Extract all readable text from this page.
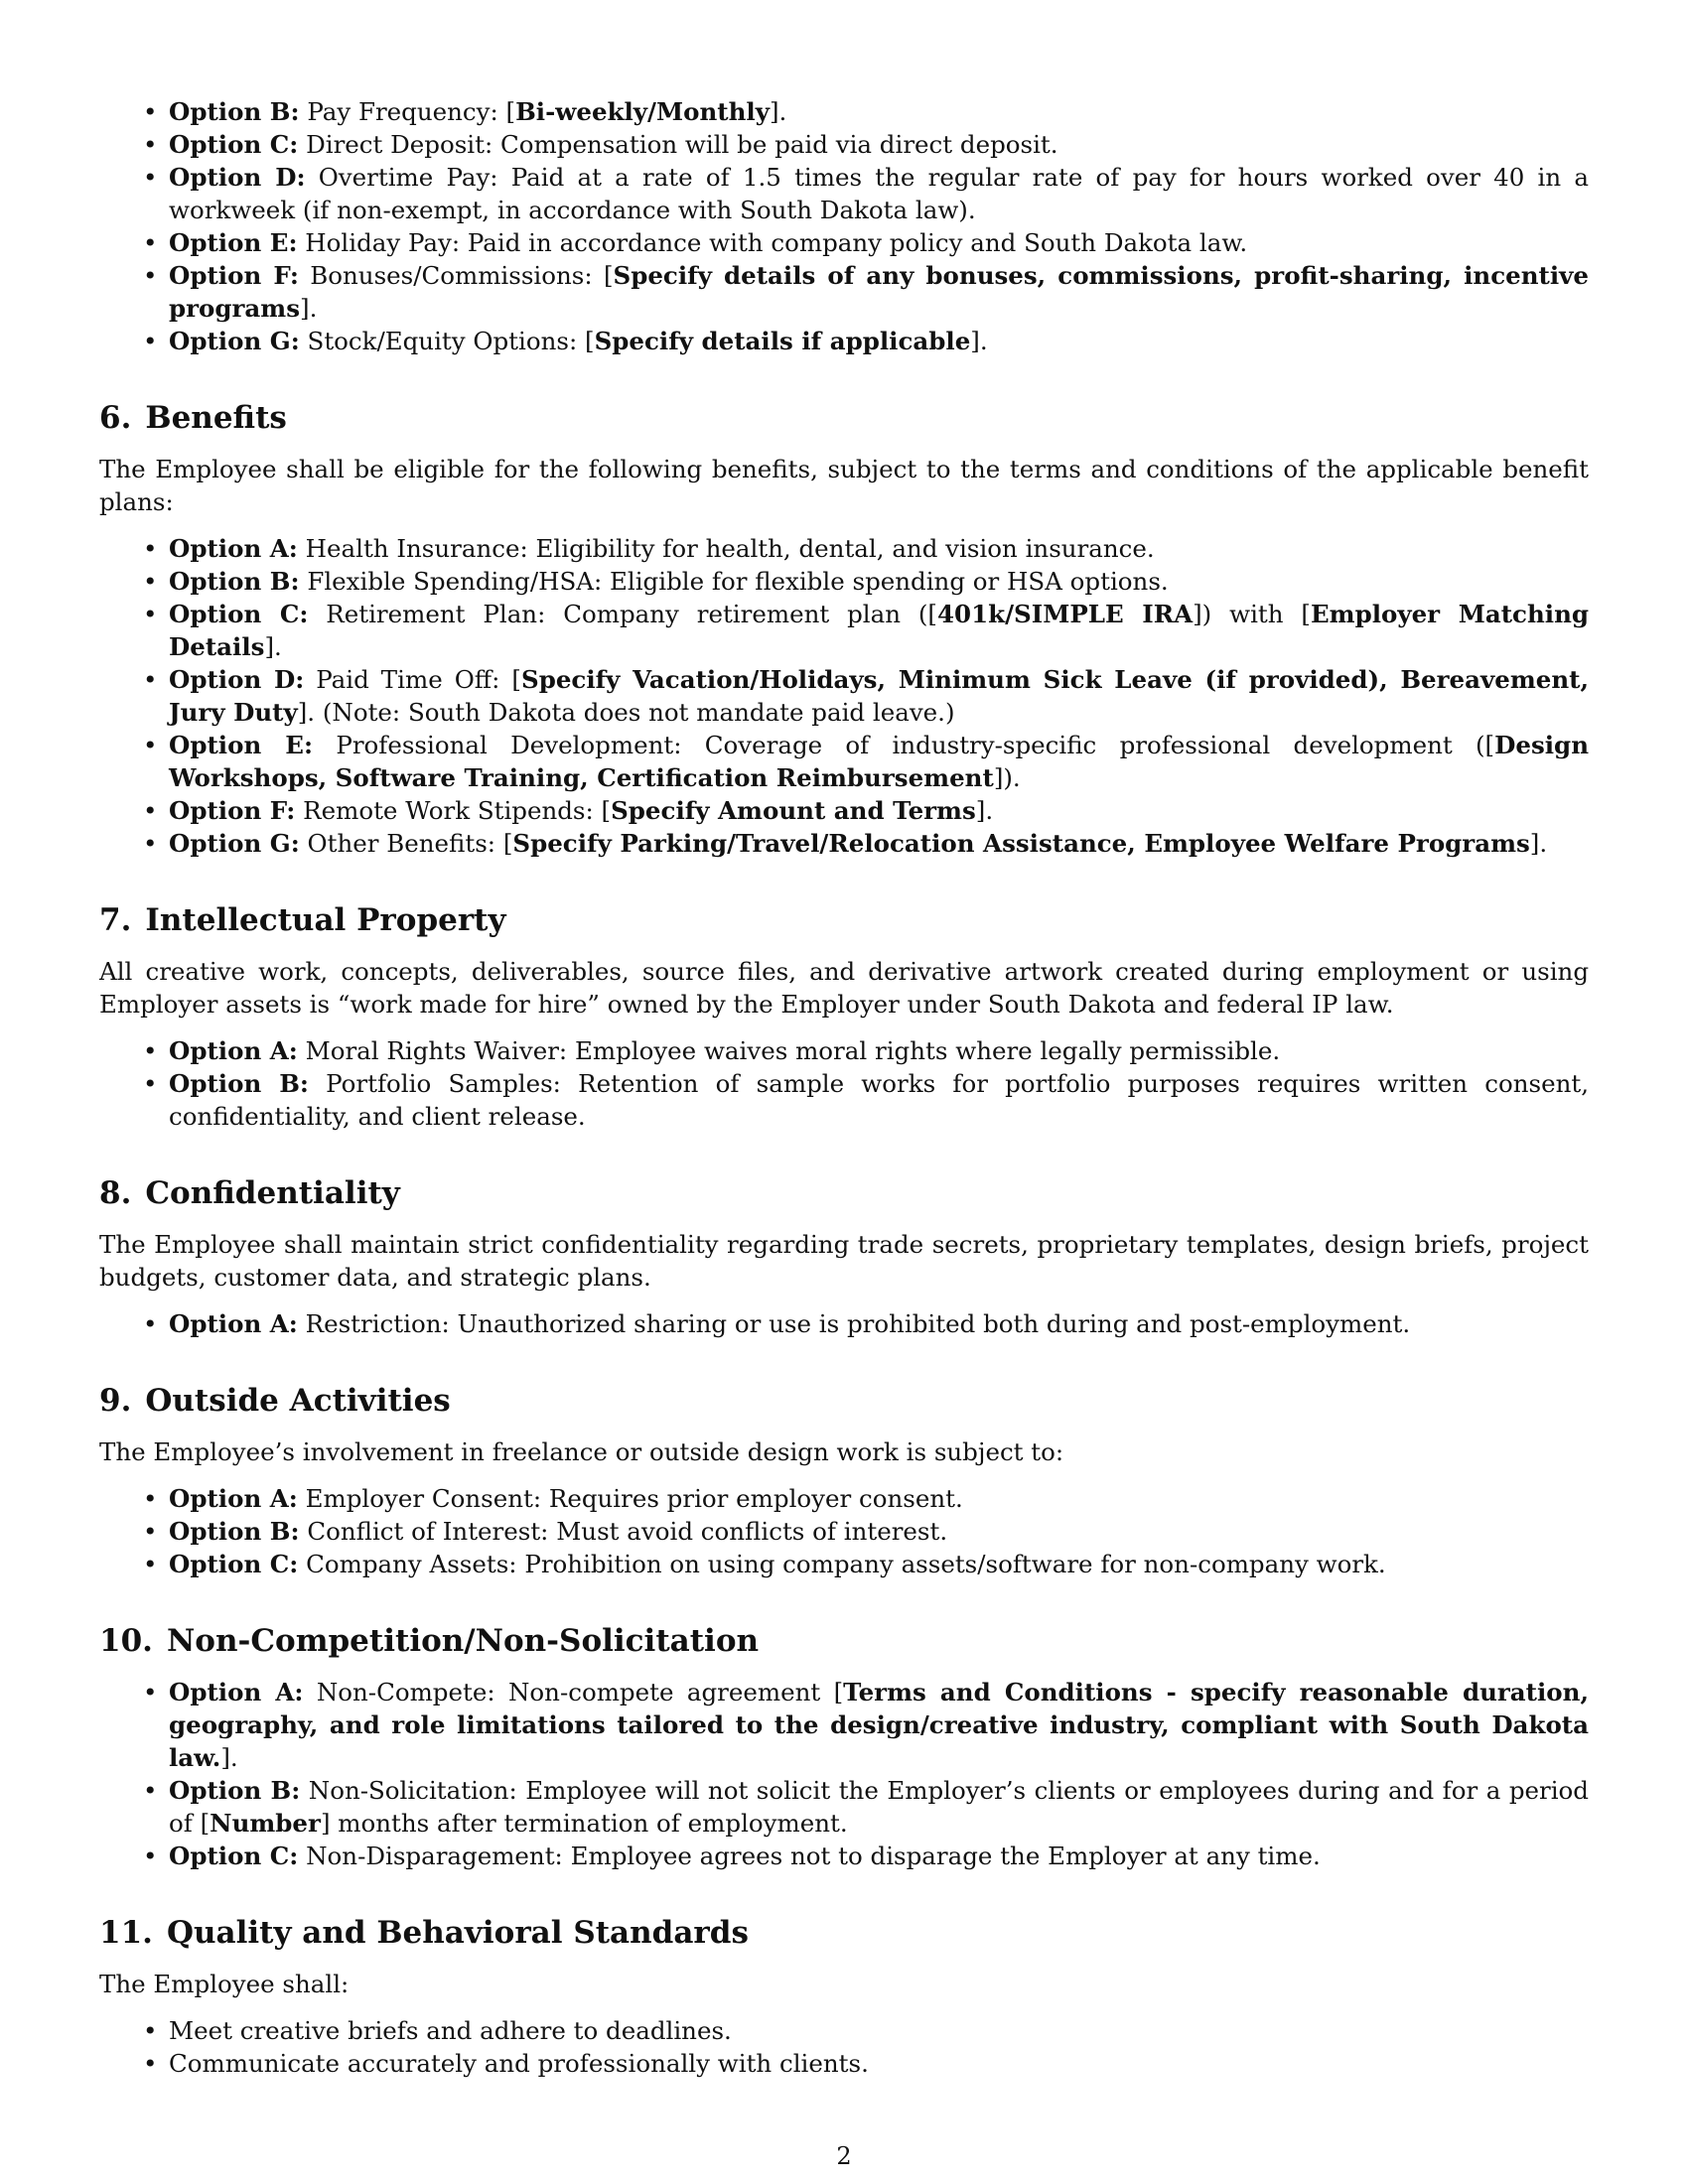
• Option B: Pay Frequency: [Bi-weekly/Monthly].
• Option C: Direct Deposit: Compensation will be paid via direct deposit.
• Option D: Overtime Pay: Paid at a rate of 1.5 times the regular rate of pay for hours worked over 40 in a workweek (if non-exempt, in accordance with South Dakota law).
• Option E: Holiday Pay: Paid in accordance with company policy and South Dakota law.
• Option F: Bonuses/Commissions: [Specify details of any bonuses, commissions, profit-sharing, incentive programs].
• Option G: Stock/Equity Options: [Specify details if applicable].
6. Benefits

The Employee shall be eligible for the following benefits, subject to the terms and conditions of the applicable benefit plans:

• Option A: Health Insurance: Eligibility for health, dental, and vision insurance.
• Option B: Flexible Spending/HSA: Eligible for flexible spending or HSA options.
• Option C: Retirement Plan: Company retirement plan ([401k/SIMPLE IRA]) with [Employer Matching Details].
• Option D: Paid Time Off: [Specify Vacation/Holidays, Minimum Sick Leave (if provided), Bereavement, Jury Duty]. (Note: South Dakota does not mandate paid leave.)
• Option E: Professional Development: Coverage of industry-specific professional development ([Design Workshops, Software Training, Certification Reimbursement]).
• Option F: Remote Work Stipends: [Specify Amount and Terms].
• Option G: Other Benefits: [Specify Parking/Travel/Relocation Assistance, Employee Welfare Programs].
7. Intellectual Property

All creative work, concepts, deliverables, source files, and derivative artwork created during employment or using Employer assets is “work made for hire” owned by the Employer under South Dakota and federal IP law.

• Option A: Moral Rights Waiver: Employee waives moral rights where legally permissible.
• Option B: Portfolio Samples: Retention of sample works for portfolio purposes requires written consent, confidentiality, and client release.
8. Confidentiality

The Employee shall maintain strict confidentiality regarding trade secrets, proprietary templates, design briefs, project budgets, customer data, and strategic plans.

• Option A: Restriction: Unauthorized sharing or use is prohibited both during and post-employment.
9. Outside Activities

The Employee’s involvement in freelance or outside design work is subject to:

• Option A: Employer Consent: Requires prior employer consent.
• Option B: Conflict of Interest: Must avoid conflicts of interest.
• Option C: Company Assets: Prohibition on using company assets/software for non-company work.
10. Non-Competition/Non-Solicitation
• Option A: Non-Compete: Non-compete agreement [Terms and Conditions - specify reasonable duration, geography, and role limitations tailored to the design/creative industry, compliant with South Dakota law.].
• Option B: Non-Solicitation: Employee will not solicit the Employer’s clients or employees during and for a period of [Number] months after termination of employment.
• Option C: Non-Disparagement: Employee agrees not to disparage the Employer at any time.
11. Quality and Behavioral Standards

The Employee shall:

• Meet creative briefs and adhere to deadlines.
• Communicate accurately and professionally with clients.
2
